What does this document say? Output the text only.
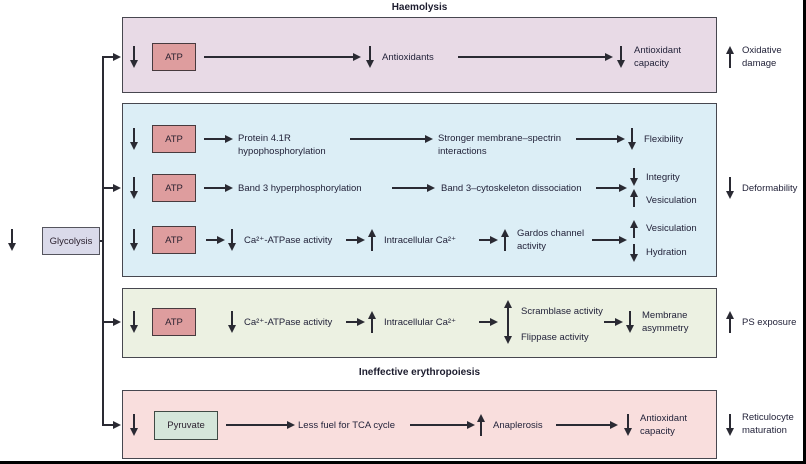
Haemolysis
Ineffective erythropoiesis
Glycolysis
ATP	Antioxidants
Antioxidant capacity
Oxidative damage
ATP	Protein 4.1R hypophosphorylation
Stronger membrane–spectrin interactions
Flexibility
ATP	Band 3 hyperphosphorylation	Band 3–cytoskeleton dissociation
Integrity
Vesiculation
ATP	Ca²⁺-ATPase activity	Intracellular Ca²⁺
Gardos channel activity
Vesiculation
Hydration
Deformability
ATP	Ca²⁺-ATPase activity	Intracellular Ca²⁺
Scramblase activity
Flippase activity
Membrane asymmetry
PS exposure
Pyruvate	Less fuel for TCA cycle	Anaplerosis
Antioxidant capacity
Reticulocyte maturation
